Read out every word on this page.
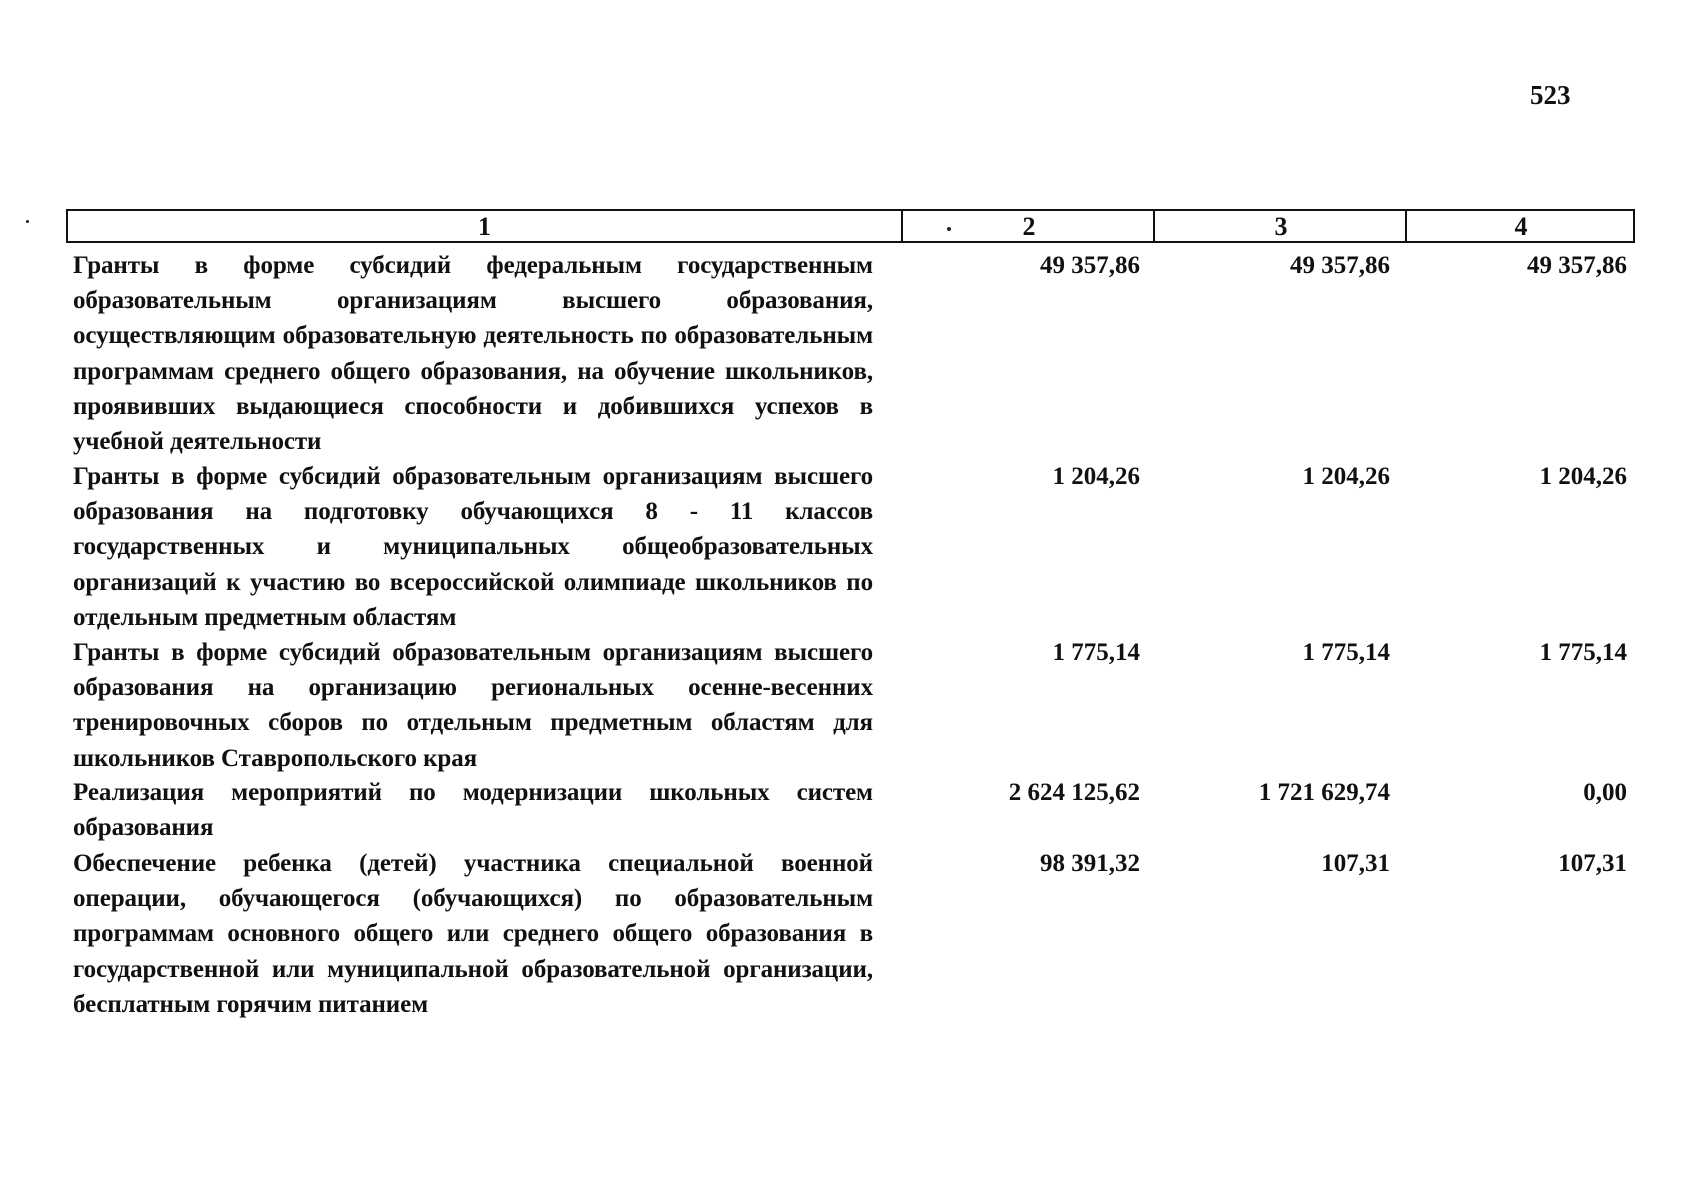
523
1	2	3	4
Гранты в форме субсидий федеральным государственным образовательным организациям высшего образования, осуществляющим образовательную деятельность по образовательным программам среднего общего образования, на обучение школьников, проявивших выдающиеся способности и добившихся успехов в учебной деятельности
49 357,86	49 357,86	49 357,86
Гранты в форме субсидий образовательным организациям высшего образования на подготовку обучающихся 8 - 11 классов государственных и муниципальных общеобразовательных организаций к участию во всероссийской олимпиаде школьников по отдельным предметным областям
1 204,26	1 204,26	1 204,26
Гранты в форме субсидий образовательным организациям высшего образования на организацию региональных осенне-весенних тренировочных сборов по отдельным предметным областям для школьников Ставропольского края
1 775,14	1 775,14	1 775,14
Реализация мероприятий по модернизации школьных систем образования
2 624 125,62	1 721 629,74	0,00
Обеспечение ребенка (детей) участника специальной военной операции, обучающегося (обучающихся) по образовательным программам основного общего или среднего общего образования в государственной или муниципальной образовательной организации, бесплатным горячим питанием
98 391,32	107,31	107,31
